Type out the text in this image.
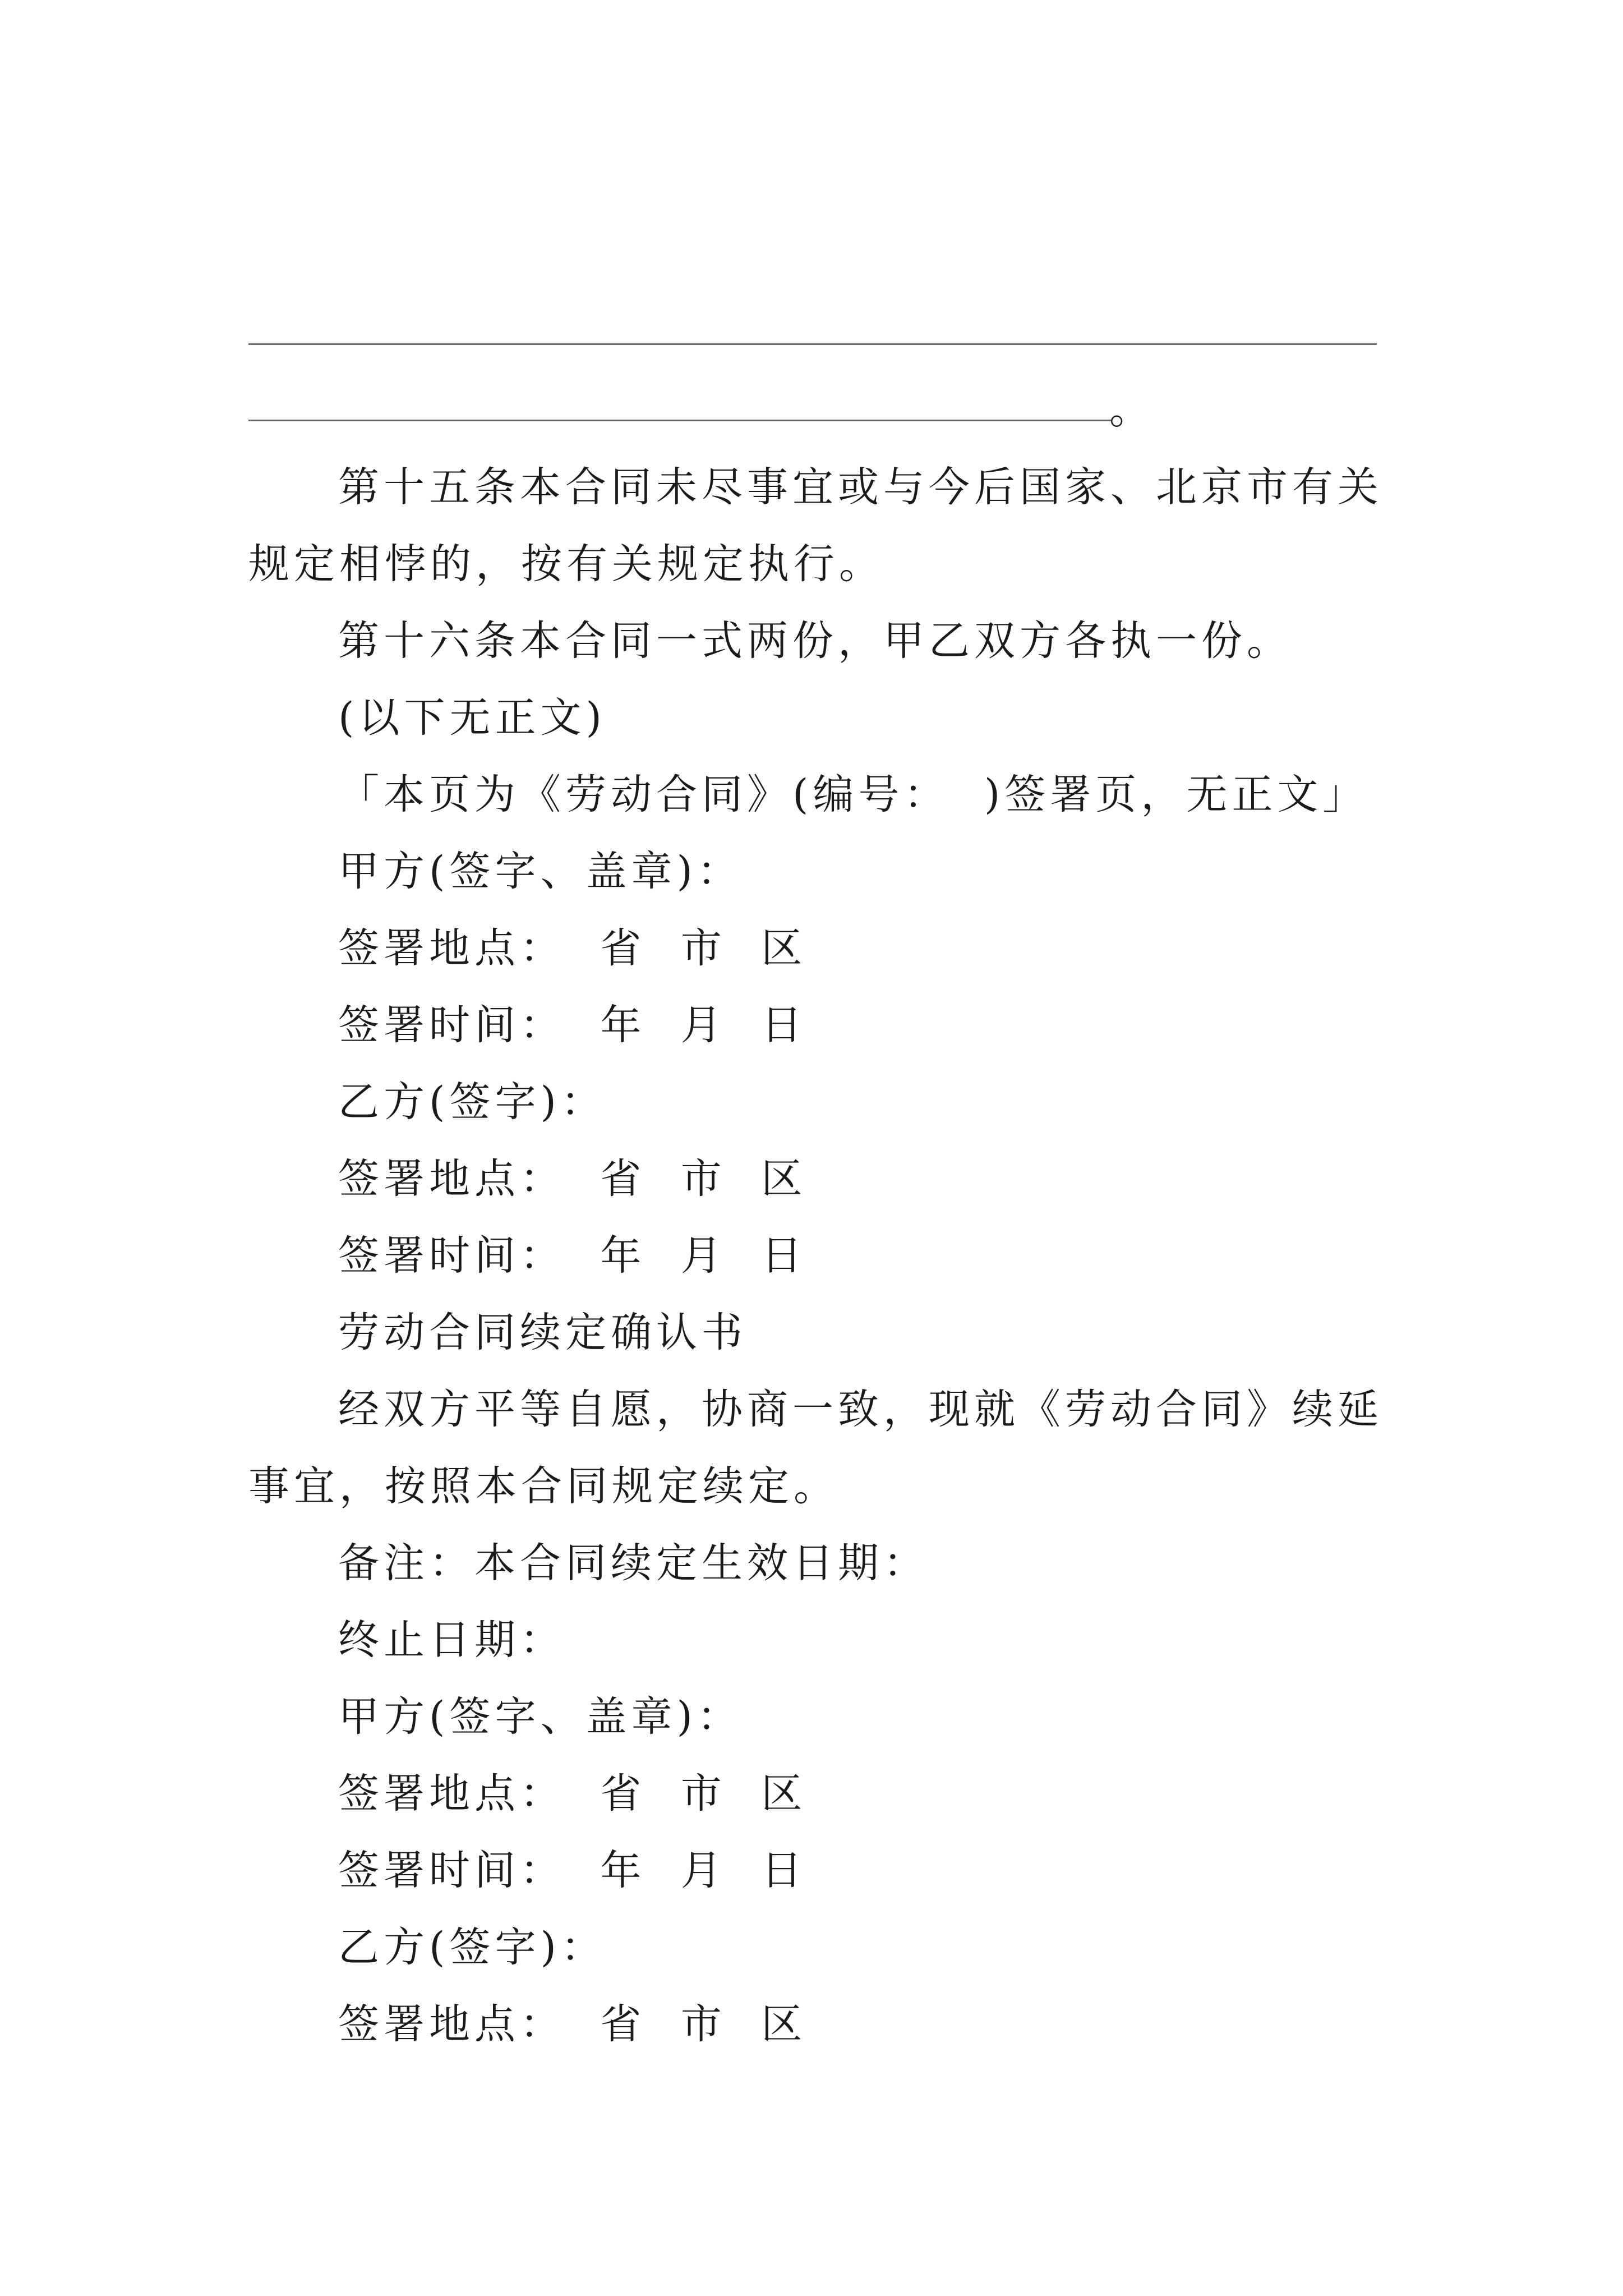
。

第十五条本合同未尽事宜或与今后国家、北京市有关规定相悖的，按有关规定执行。

第十六条本合同一式两份，甲乙双方各执一份。

(以下无正文)

「本页为《劳动合同》(编号：  )签署页，无正文」

甲方(签字、盖章)：

签署地点：  省  市  区

签署时间：  年  月  日

乙方(签字)：

签署地点：  省  市  区

签署时间：  年  月  日

劳动合同续定确认书

经双方平等自愿，协商一致，现就《劳动合同》续延事宜，按照本合同规定续定。

备注：本合同续定生效日期：

终止日期：

甲方(签字、盖章)：

签署地点：  省  市  区

签署时间：  年  月  日

乙方(签字)：

签署地点：  省  市  区
